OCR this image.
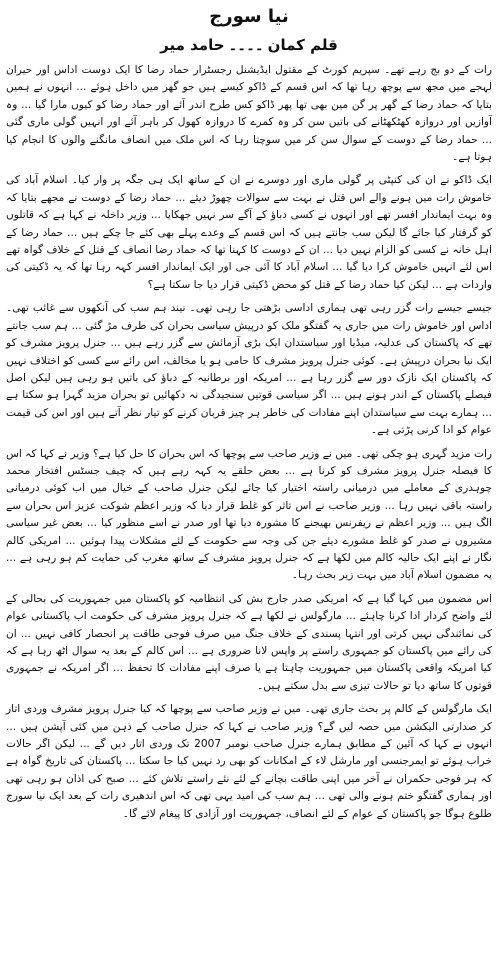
نیا سورج
قلم کمان۔۔۔۔حامد میر

رات کے دو بج رہے تھے۔ سپریم کورٹ کے مقتول ایڈیشنل رجسٹرار حماد رضا کا ایک دوست اداس اور حیران لہجے میں مجھ سے پوچھ رہا تھا کہ اس قسم کے ڈاکو کیسے ہیں جو گھر میں داخل ہوئے ... انہوں نے ہمیں بتایا کہ حماد رضا کے گھر پر گن مین بھی تھا پھر ڈاکو کس طرح اندر آئے اور حماد رضا کو کیوں مارا گیا ... وہ آوازیں اور دروازہ کھٹکھٹانے کی باتیں سن کر وہ کمرے کا دروازہ کھول کر باہر آئے اور انہیں گولی ماری گئی ... حماد رضا کے دوست کے سوال سن کر میں سوچتا رہا کہ اس ملک میں انصاف مانگنے والوں کا انجام کیا ہوتا ہے۔

ایک ڈاکو نے ان کی کنپٹی پر گولی ماری اور دوسرے نے ان کے ساتھ ایک ہی جگہ پر وار کیا۔ اسلام آباد کی خاموش رات میں ہونے والے اس قتل نے بہت سے سوالات چھوڑ دیئے ... حماد رضا کے دوست نے مجھے بتایا کہ وہ بہت ایماندار افسر تھے اور انہوں نے کسی دباؤ کے آگے سر نہیں جھکایا ... وزیر داخلہ نے کہا ہے کہ قاتلوں کو گرفتار کیا جائے گا لیکن سب جانتے ہیں کہ اس قسم کے وعدے پہلے بھی کئے جا چکے ہیں ... حماد رضا کے اہل خانہ نے کسی کو الزام نہیں دیا ... ان کے دوست کا کہنا تھا کہ حماد رضا انصاف کے قتل کے خلاف گواہ تھے اس لئے انہیں خاموش کرا دیا گیا ... اسلام آباد کا آئی جی اور ایک ایماندار افسر کہہ رہا تھا کہ یہ ڈکیتی کی واردات ہے ... لیکن کیا حماد رضا کے قتل کو محض ڈکیتی قرار دیا جا سکتا ہے؟

جیسے جیسے رات گزر رہی تھی ہماری اداسی بڑھتی جا رہی تھی۔ نیند ہم سب کی آنکھوں سے غائب تھی۔ اداس اور خاموش رات میں جاری یہ گفتگو ملک کو درپیش سیاسی بحران کی طرف مڑ گئی ... ہم سب جانتے تھے کہ پاکستان کی عدلیہ، میڈیا اور سیاستدان ایک بڑی آزمائش سے گزر رہے ہیں ... جنرل پرویز مشرف کو ایک نیا بحران درپیش ہے۔ کوئی جنرل پرویز مشرف کا حامی ہو یا مخالف، اس رائے سے کسی کو اختلاف نہیں کہ پاکستان ایک نازک دور سے گزر رہا ہے ... امریکہ اور برطانیہ کے دباؤ کی باتیں ہو رہی ہیں لیکن اصل فیصلے پاکستان کے اندر ہونے ہیں ... اگر سیاسی قوتیں سنجیدگی نہ دکھائیں تو بحران مزید گہرا ہو سکتا ہے ... ہمارے بہت سے سیاستدان اپنے مفادات کی خاطر ہر چیز قربان کرنے کو تیار نظر آتے ہیں اور اس کی قیمت عوام کو ادا کرنی پڑتی ہے۔

رات مزید گہری ہو چکی تھی۔ میں نے وزیر صاحب سے پوچھا کہ اس بحران کا حل کیا ہے؟ وزیر نے کہا کہ اس کا فیصلہ جنرل پرویز مشرف کو کرنا ہے ... بعض حلقے یہ کہہ رہے ہیں کہ چیف جسٹس افتخار محمد چوہدری کے معاملے میں درمیانی راستہ اختیار کیا جائے لیکن جنرل صاحب کے خیال میں اب کوئی درمیانی راستہ باقی نہیں رہا ... وزیر صاحب نے اس تاثر کو غلط قرار دیا کہ وزیر اعظم شوکت عزیز اس بحران سے الگ ہیں ... وزیر اعظم نے ریفرنس بھیجنے کا مشورہ دیا تھا اور صدر نے اسے منظور کیا ... بعض غیر سیاسی مشیروں نے صدر کو غلط مشورے دیئے جن کی وجہ سے حکومت کے لئے مشکلات پیدا ہوئیں ... امریکی کالم نگار نے اپنے ایک حالیہ کالم میں لکھا ہے کہ جنرل پرویز مشرف کے ساتھ مغرب کی حمایت کم ہو رہی ہے ... یہ مضمون اسلام آباد میں بہت زیر بحث رہا۔

اس مضمون میں کہا گیا ہے کہ امریکی صدر جارج بش کی انتظامیہ کو پاکستان میں جمہوریت کی بحالی کے لئے واضح کردار ادا کرنا چاہئے ... مارگولس نے لکھا ہے کہ جنرل پرویز مشرف کی حکومت اب پاکستانی عوام کی نمائندگی نہیں کرتی اور انتہا پسندی کے خلاف جنگ میں صرف فوجی طاقت پر انحصار کافی نہیں ... ان کی رائے میں پاکستان کو جمہوری راستے پر واپس لانا ضروری ہے ... اس کالم کے بعد یہ سوال اٹھ رہا ہے کہ کیا امریکہ واقعی پاکستان میں جمہوریت چاہتا ہے یا صرف اپنے مفادات کا تحفظ ... اگر امریکہ نے جمہوری قوتوں کا ساتھ دیا تو حالات تیزی سے بدل سکتے ہیں۔

ایک مارگولس کے کالم پر بحث جاری تھی۔ میں نے وزیر صاحب سے پوچھا کہ کیا جنرل پرویز مشرف وردی اتار کر صدارتی الیکشن میں حصہ لیں گے؟ وزیر صاحب نے کہا کہ جنرل صاحب کے ذہن میں کئی آپشن ہیں ... انہوں نے کہا کہ آئین کے مطابق ہمارے جنرل صاحب نومبر 2007 تک وردی اتار دیں گے ... لیکن اگر حالات خراب ہوئے تو ایمرجنسی اور مارشل لاء کے امکانات کو بھی رد نہیں کیا جا سکتا ... پاکستان کی تاریخ گواہ ہے کہ ہر فوجی حکمران نے آخر میں اپنی طاقت بچانے کے لئے نئے راستے تلاش کئے ... صبح کی اذان ہو رہی تھی اور ہماری گفتگو ختم ہونے والی تھی ... ہم سب کی امید یہی تھی کہ اس اندھیری رات کے بعد ایک نیا سورج طلوع ہوگا جو پاکستان کے عوام کے لئے انصاف، جمہوریت اور آزادی کا پیغام لائے گا۔
